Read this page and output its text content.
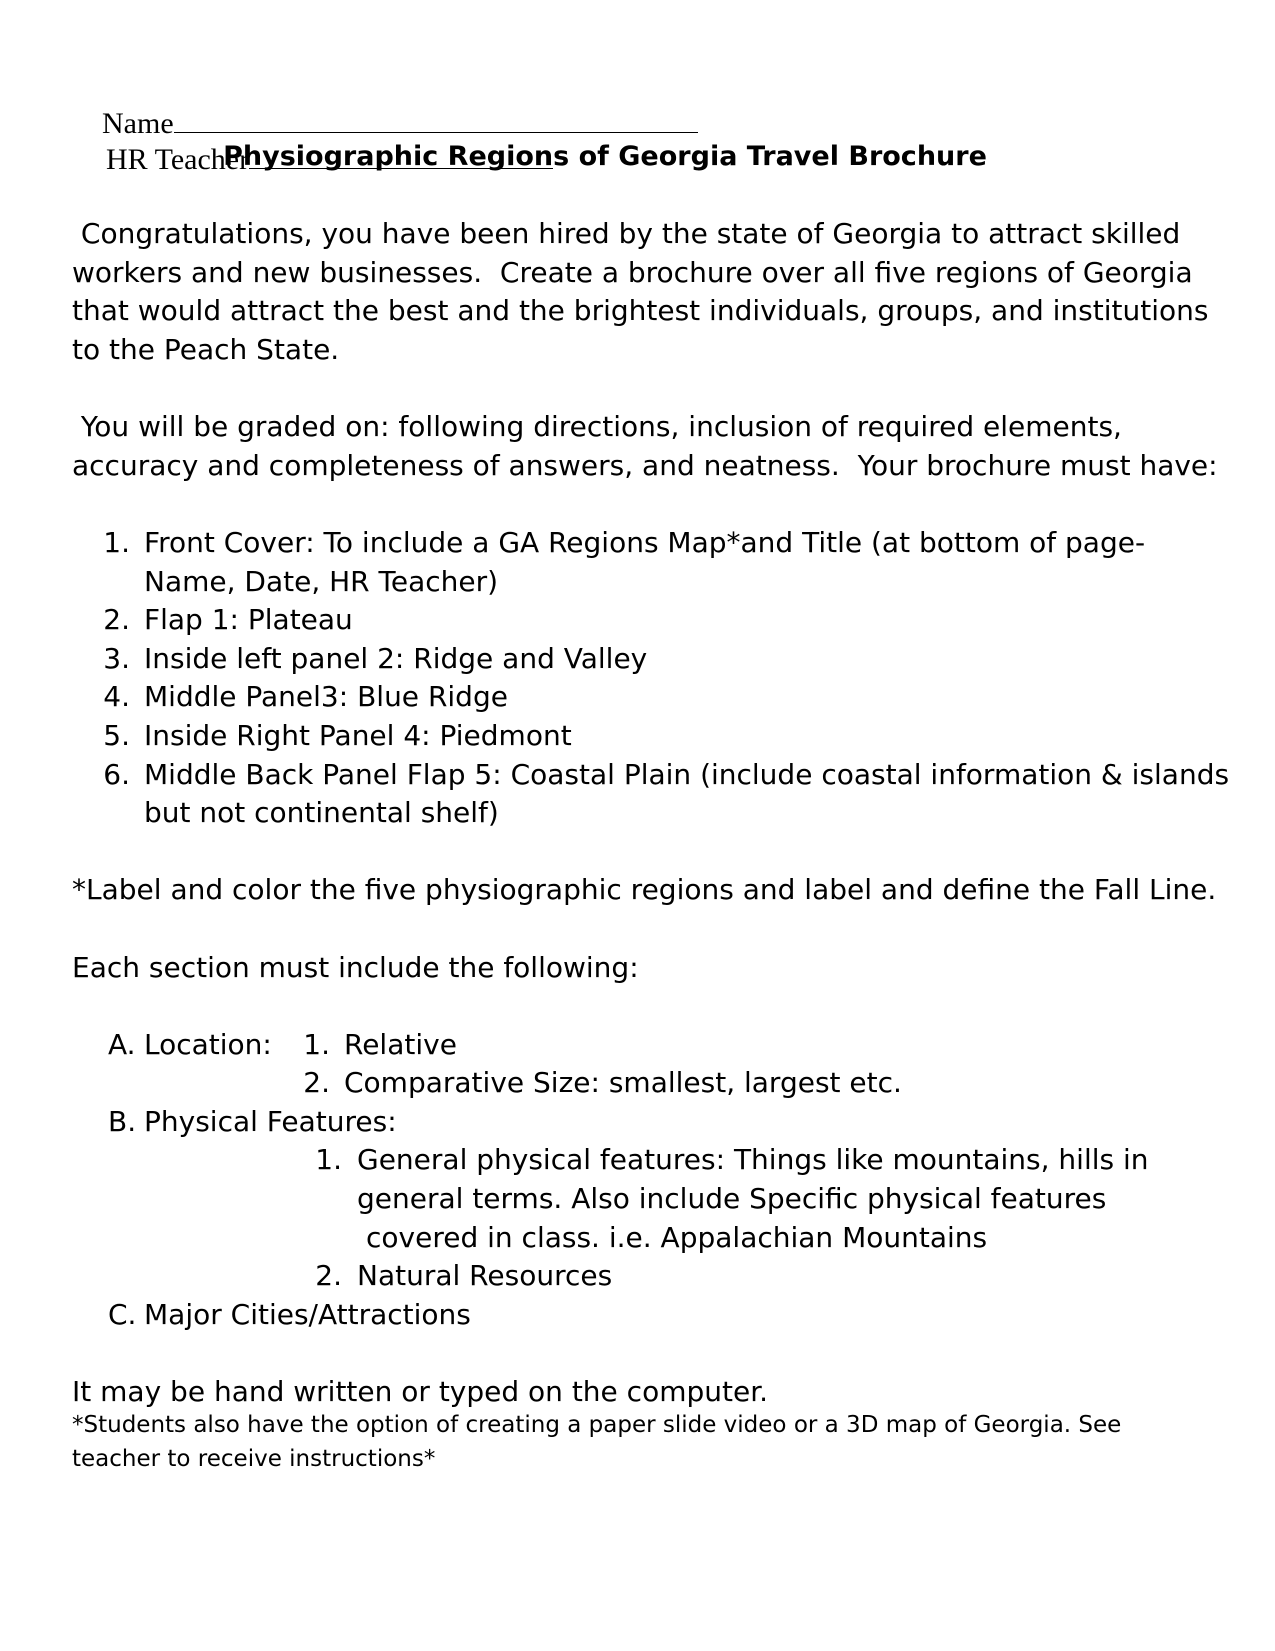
Name
HR Teacher

Physiographic Regions of Georgia Travel Brochure
Congratulations, you have been hired by the state of Georgia to attract skilled
workers and new businesses.  Create a brochure over all five regions of Georgia
that would attract the best and the brightest individuals, groups, and institutions
to the Peach State.
You will be graded on: following directions, inclusion of required elements,
accuracy and completeness of answers, and neatness.  Your brochure must have:
1. Front Cover: To include a GA Regions Map*and Title (at bottom of page-
Name, Date, HR Teacher)
2. Flap 1: Plateau
3. Inside left panel 2: Ridge and Valley
4. Middle Panel3: Blue Ridge
5. Inside Right Panel 4: Piedmont
6. Middle Back Panel Flap 5: Coastal Plain (include coastal information & islands
but not continental shelf)
*Label and color the five physiographic regions and label and define the Fall Line.
Each section must include the following:
A. Location:	1. Relative
2. Comparative Size: smallest, largest etc.
B. Physical Features:
1. General physical features: Things like mountains, hills in
general terms. Also include Specific physical features
covered in class. i.e. Appalachian Mountains
2. Natural Resources
C. Major Cities/Attractions
It may be hand written or typed on the computer.
*Students also have the option of creating a paper slide video or a 3D map of Georgia. See
teacher to receive instructions*
